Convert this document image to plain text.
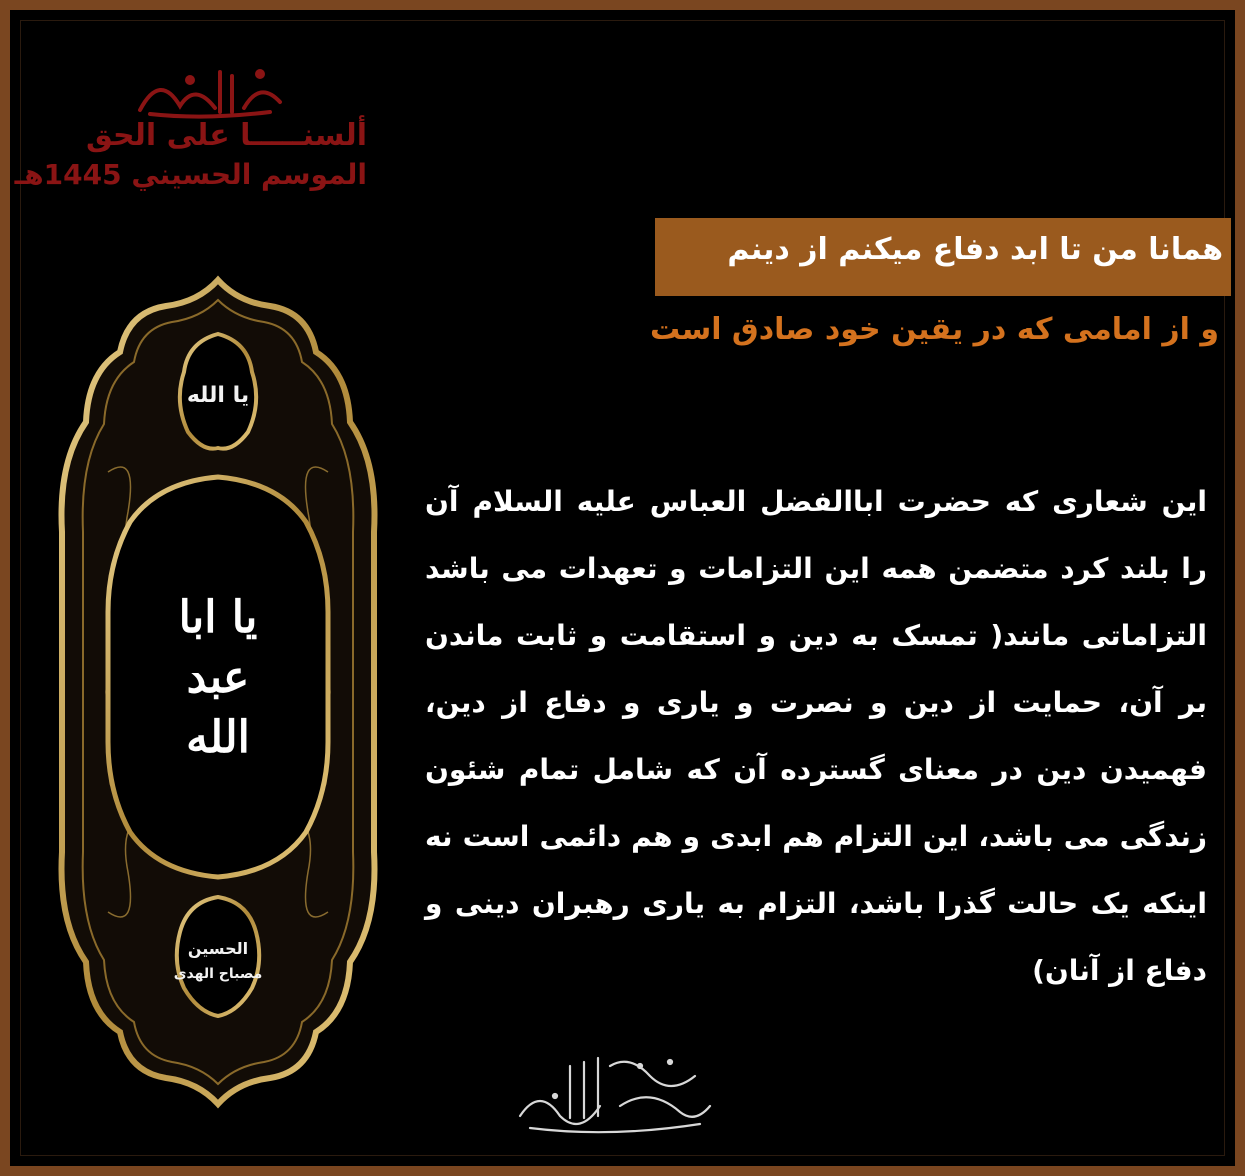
ألسنـــــا على الحق
الموسم الحسيني 1445هـ
همانا من تا ابد دفاع میکنم از دینم
و از امامی که در یقین خود صادق است
این شعاری که حضرت اباالفضل العباس علیه السلام آن را بلند کرد متضمن همه این التزامات و تعهدات می باشد التزاماتی مانند( تمسک به دین و استقامت و ثابت ماندن بر آن، حمایت از دین و نصرت و یاری و دفاع از دین، فهمیدن دین در معنای گسترده آن که شامل تمام شئون زندگی می باشد، این التزام هم ابدی و هم دائمی است نه اینکه یک حالت گذرا باشد، التزام به یاری رهبران دینی و دفاع از آنان)
یا الله
یا ابا
عبد
الله
الحسین
مصباح الهدی
